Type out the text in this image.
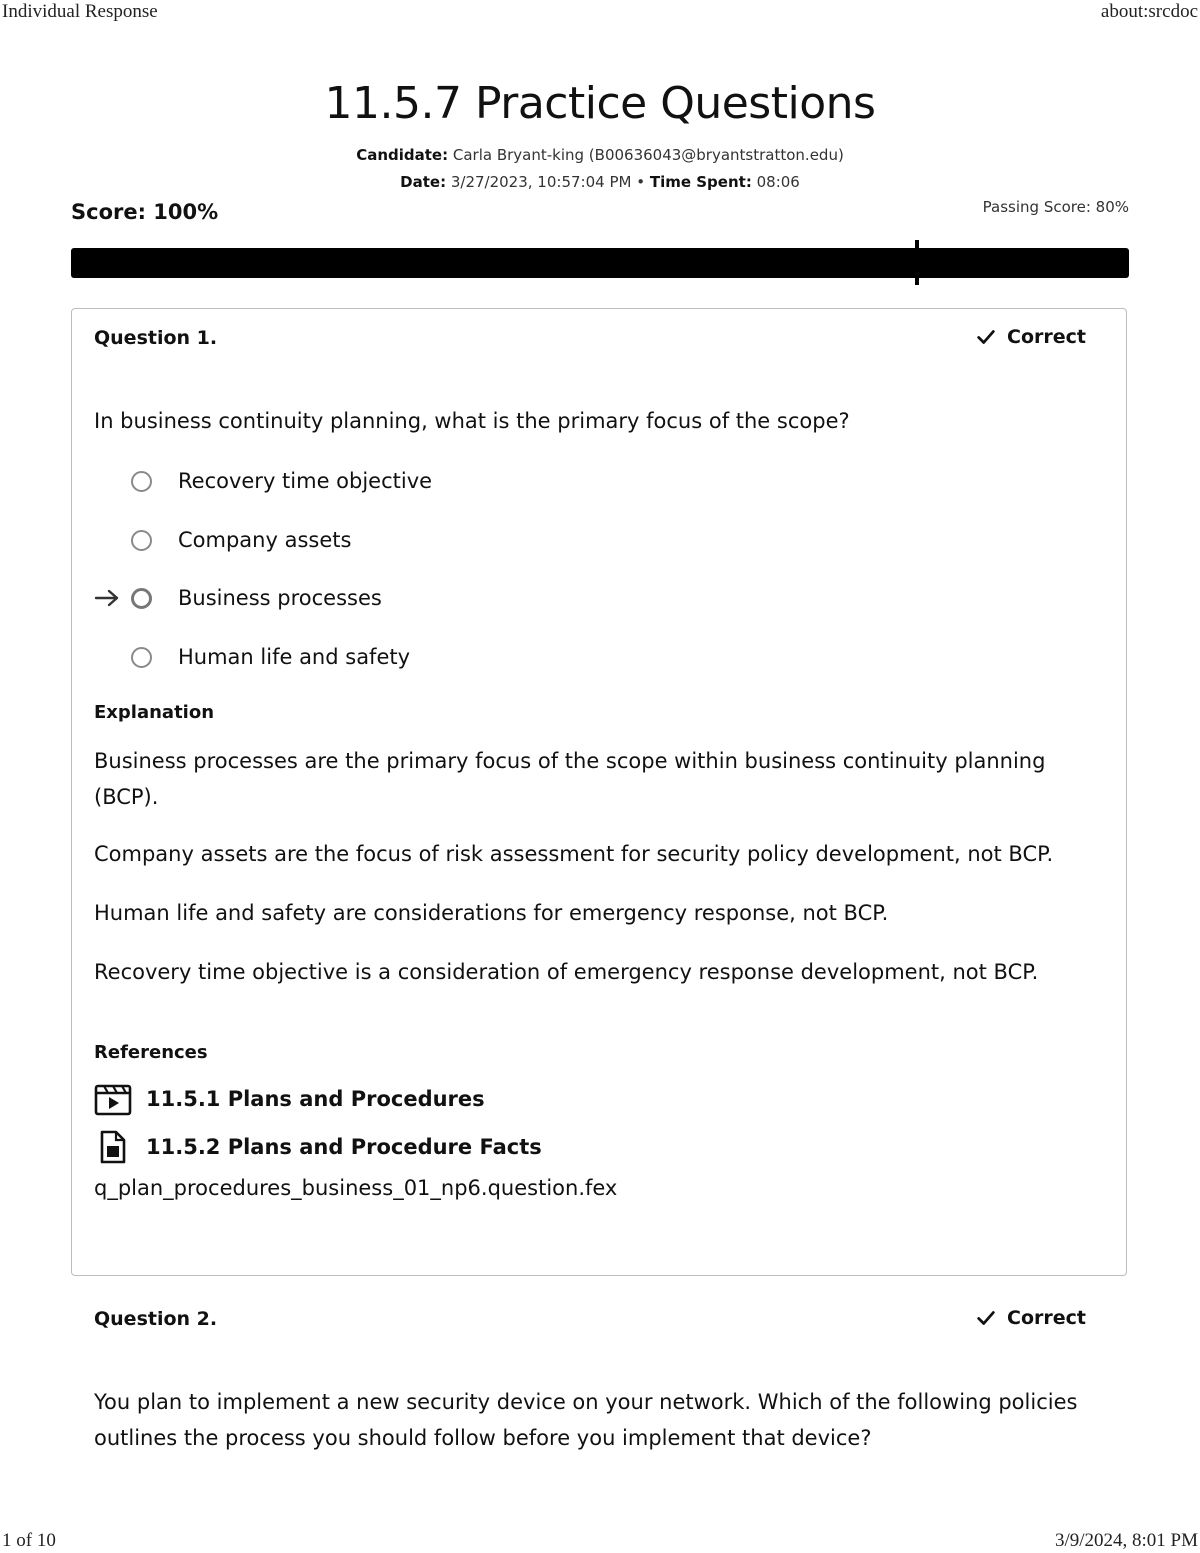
Individual Response	about:srcdoc
11.5.7 Practice Questions
Candidate: Carla Bryant-king (B00636043@bryantstratton.edu)
Date: 3/27/2023, 10:57:04 PM • Time Spent: 08:06
Score: 100%	Passing Score: 80%
Question 1.	Correct
In business continuity planning, what is the primary focus of the scope?
Recovery time objective
Company assets
Business processes
Human life and safety
Explanation

Business processes are the primary focus of the scope within business continuity planning (BCP).

Company assets are the focus of risk assessment for security policy development, not BCP.

Human life and safety are considerations for emergency response, not BCP.

Recovery time objective is a consideration of emergency response development, not BCP.

References
11.5.1 Plans and Procedures
11.5.2 Plans and Procedure Facts
q_plan_procedures_business_01_np6.question.fex
Question 2.	Correct
You plan to implement a new security device on your network. Which of the following policies outlines the process you should follow before you implement that device?
1 of 10	3/9/2024, 8:01 PM
